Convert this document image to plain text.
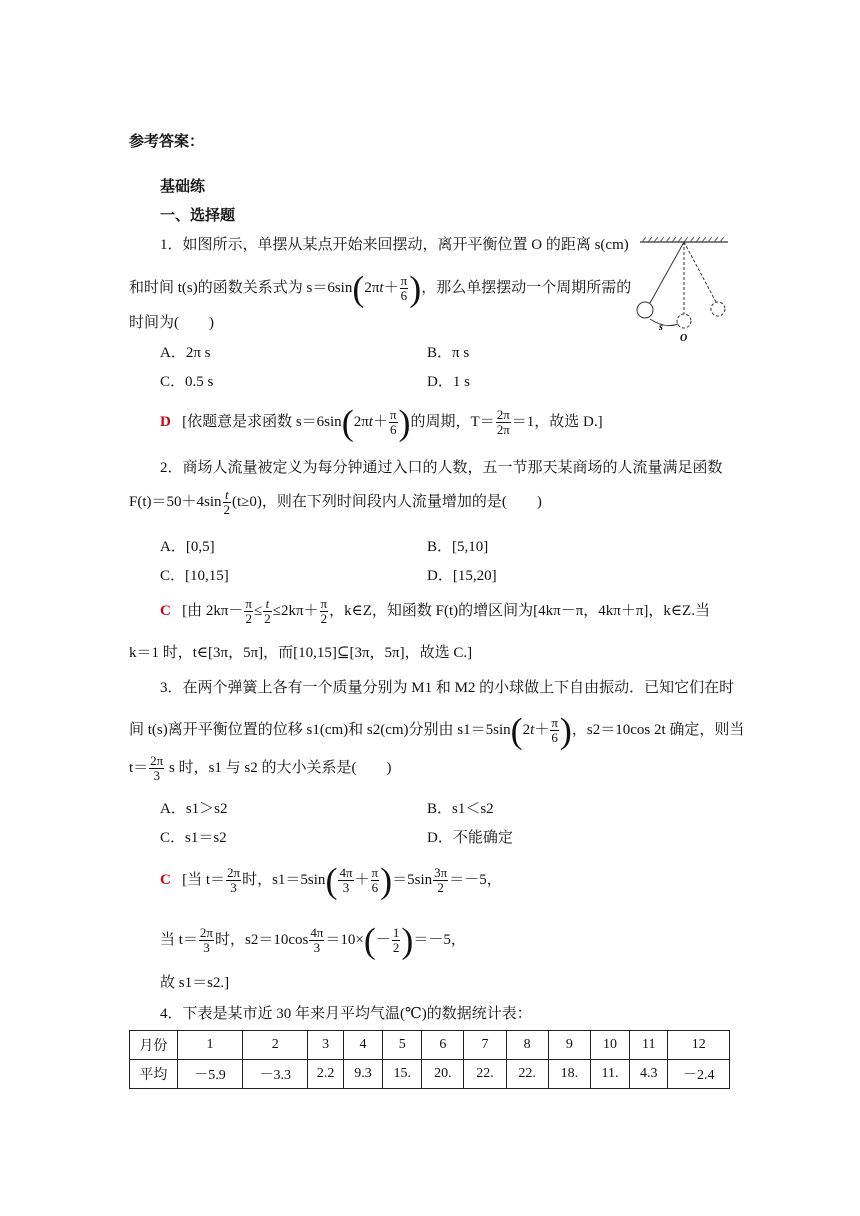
参考答案：
基础练
一、选择题
1．如图所示，单摆从某点开始来回摆动，离开平衡位置 O 的距离 s(cm)
和时间 t(s)的函数关系式为 $s=6\sin(2\pi t+ \frac{\pi}{6}$ )，那么单摆摆动一个周期所需的
时间为(　　)	s
O
A．2π s	B．π s
C．0.5 s	D．1 s
D [依题意是求函数 $s=6\sin(2\pi t+ \frac{\pi}{6}$ )的周期，$T= \frac{2\pi}{2\pi} =1$，故选 D.]
2．商场人流量被定义为每分钟通过入口的人数，五一节那天某商场的人流量满足函数
$F(t)=50+4\sin \frac{t}{2} (t\ge 0)$，则在下列时间段内人流量增加的是(　　)
A．[0,5]	B．[5,10]
C．[10,15]	D．[15,20]
C [由 $2k\pi- \frac{\pi}{2} \le \frac{t}{2} \le 2k\pi+ \frac{\pi}{2}$ ，k∈Z，知函数 F(t)的增区间为[4kπ－π，4kπ＋π]，k∈Z.当
k＝1 时，t∈[3π，5π]，而[10,15]⊆[3π，5π]，故选 C.]
3．在两个弹簧上各有一个质量分别为 M1 和 M2 的小球做上下自由振动．已知它们在时
间 t(s)离开平衡位置的位移 s1(cm)和 s2(cm)分别由 $s1=5\sin(2t+ \frac{\pi}{6}$ )，s2＝10cos 2t 确定，则当
$t= \frac{2\pi}{3}$ s 时，s1 与 s2 的大小关系是(　　)
A．s1＞s2	B．s1＜s2
C．s1＝s2	D．不能确定
C [当 $t= \frac{2\pi}{3}$ 时，$s1=5\sin( \frac{4\pi}{3} + \frac{\pi}{6} )=5\sin \frac{3\pi}{2} =-5$，
当 $t= \frac{2\pi}{3}$ 时，$s2=10\cos \frac{4\pi}{3} =10\times(- \frac{1}{2} )=-5$，
故 s1＝s2.]
4．下表是某市近 30 年来月平均气温(℃)的数据统计表：
月份	1	2	3	4	5	6	7	8	9	10	11	12
平均	－5.9	－3.3	2.2	9.3	15.	20.	22.	22.	18.	11.	4.3	－2.4
